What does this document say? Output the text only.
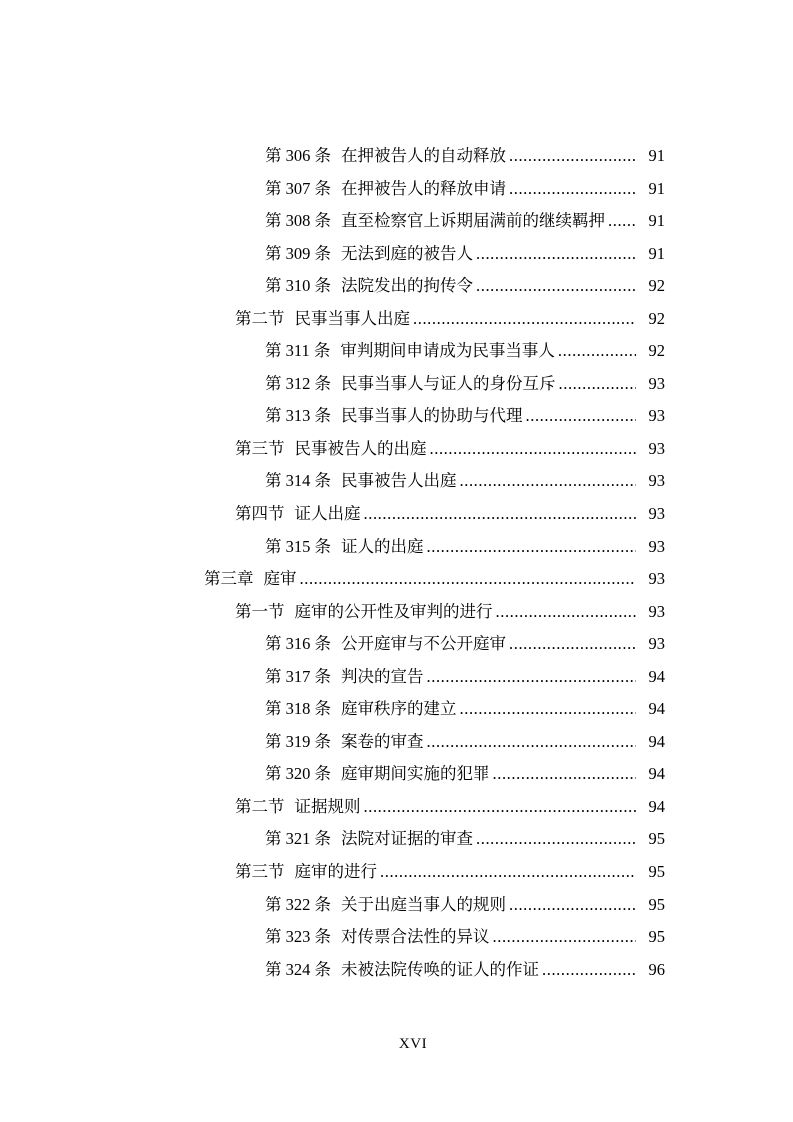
第 306 条 在押被告人的自动释放 .....	91
第 307 条 在押被告人的释放申请 .....	91
第 308 条 直至检察官上诉期届满前的继续羁押 .....	91
第 309 条 无法到庭的被告人 .....	91
第 310 条 法院发出的拘传令 .....	92
第二节 民事当事人出庭 .....	92
第 311 条 审判期间申请成为民事当事人 .....	92
第 312 条 民事当事人与证人的身份互斥 .....	93
第 313 条 民事当事人的协助与代理 .....	93
第三节 民事被告人的出庭 .....	93
第 314 条 民事被告人出庭 .....	93
第四节 证人出庭 .....	93
第 315 条 证人的出庭 .....	93
第三章 庭审 .....	93
第一节 庭审的公开性及审判的进行 .....	93
第 316 条 公开庭审与不公开庭审 .....	93
第 317 条 判决的宣告 .....	94
第 318 条 庭审秩序的建立 .....	94
第 319 条 案卷的审查 .....	94
第 320 条 庭审期间实施的犯罪 .....	94
第二节 证据规则 .....	94
第 321 条 法院对证据的审查 .....	95
第三节 庭审的进行 .....	95
第 322 条 关于出庭当事人的规则 .....	95
第 323 条 对传票合法性的异议 .....	95
第 324 条 未被法院传唤的证人的作证 .....	96
XVI
